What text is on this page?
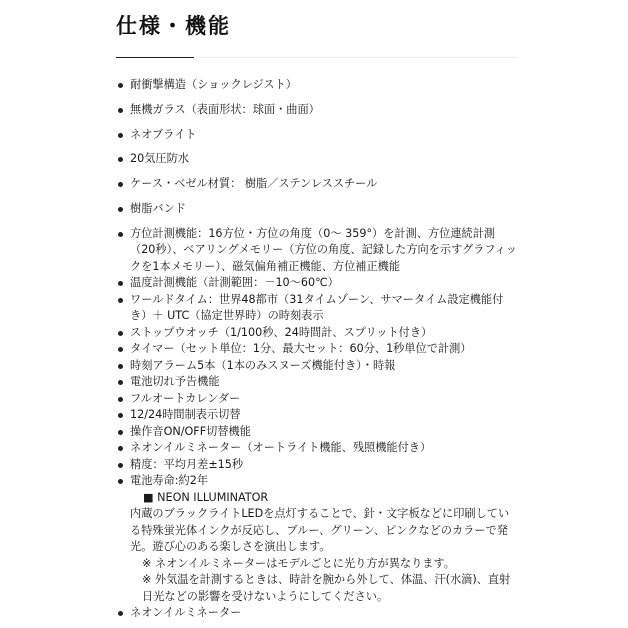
仕様・機能
耐衝撃構造（ショックレジスト）
無機ガラス（表面形状：球面・曲面）
ネオブライト
20気圧防水
ケース・ベゼル材質： 樹脂／ステンレススチール
樹脂バンド
方位計測機能：16方位・方位の角度（0～ 359°）を計測、方位連続計測（20秒）、ベアリングメモリー（方位の角度、記録した方向を示すグラフィックを1本メモリー）、磁気偏角補正機能、方位補正機能
温度計測機能（計測範囲：－10～60℃）
ワールドタイム：世界48都市（31タイムゾーン、サマータイム設定機能付き）＋ UTC（協定世界時）の時刻表示
ストップウオッチ（1/100秒、24時間計、スプリット付き）
タイマー（セット単位：1分、最大セット：60分、1秒単位で計測）
時刻アラーム5本（1本のみスヌーズ機能付き）・時報
電池切れ予告機能
フルオートカレンダー
12/24時間制表示切替
操作音ON/OFF切替機能
ネオンイルミネーター（オートライト機能、残照機能付き）
精度：平均月差±15秒
電池寿命:約2年
■ NEON ILLUMINATOR
内蔵のブラックライトLEDを点灯することで、針・文字板などに印刷している特殊蛍光体インクが反応し、ブルー、グリーン、ピンクなどのカラーで発光。遊び心のある楽しさを演出します。
※ ネオンイルミネーターはモデルごとに光り方が異なります。
※ 外気温を計測するときは、時計を腕から外して、体温、汗(水滴)、直射日光などの影響を受けないようにしてください。
ネオンイルミネーター
